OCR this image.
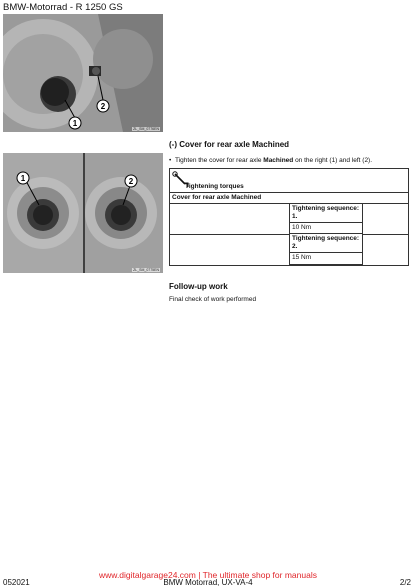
BMW-Motorrad - R 1250 GS
1
2
ZL_SM_0776EN
1	2
ZL_SM_0775EN
(-) Cover for rear axle Machined
• Tighten the cover for rear axle Machined on the right (1) and left (2).
Tightening torques
Cover for rear axle Machined
Tightening sequence: 1.
10 Nm
Tightening sequence: 2.
15 Nm
Follow-up work
Final check of work performed
www.digitalgarage24.com | The ultimate shop for manuals
052021	BMW Motorrad, UX-VA-4	2/2
